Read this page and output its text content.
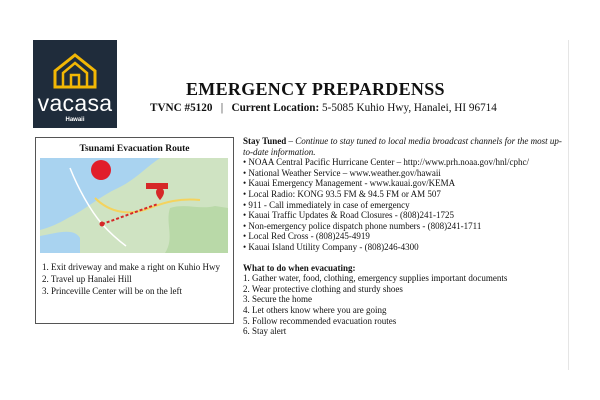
vacasa
Hawaii
EMERGENCY PREPARDENSS
TVNC #5120 | Current Location: 5-5085 Kuhio Hwy, Hanalei, HI 96714
Tsunami Evacuation Route
1. Exit driveway and make a right on Kuhio Hwy
2. Travel up Hanalei Hill
3. Princeville Center will be on the left

Stay Tuned – Continue to stay tuned to local media broadcast channels for the most up-to-date information.

• NOAA Central Pacific Hurricane Center – http://www.prh.noaa.gov/hnl/cphc/
• National Weather Service – www.weather.gov/hawaii
• Kauai Emergency Management - www.kauai.gov/KEMA
• Local Radio: KONG 93.5 FM & 94.5 FM or AM 507
• 911 - Call immediately in case of emergency
• Kauai Traffic Updates & Road Closures - (808)241-1725
• Non-emergency police dispatch phone numbers - (808)241-1711
• Local Red Cross - (808)245-4919
• Kauai Island Utility Company - (808)246-4300

What to do when evacuating:

1. Gather water, food, clothing, emergency supplies important documents
2. Wear protective clothing and sturdy shoes
3. Secure the home
4. Let others know where you are going
5. Follow recommended evacuation routes
6. Stay alert
